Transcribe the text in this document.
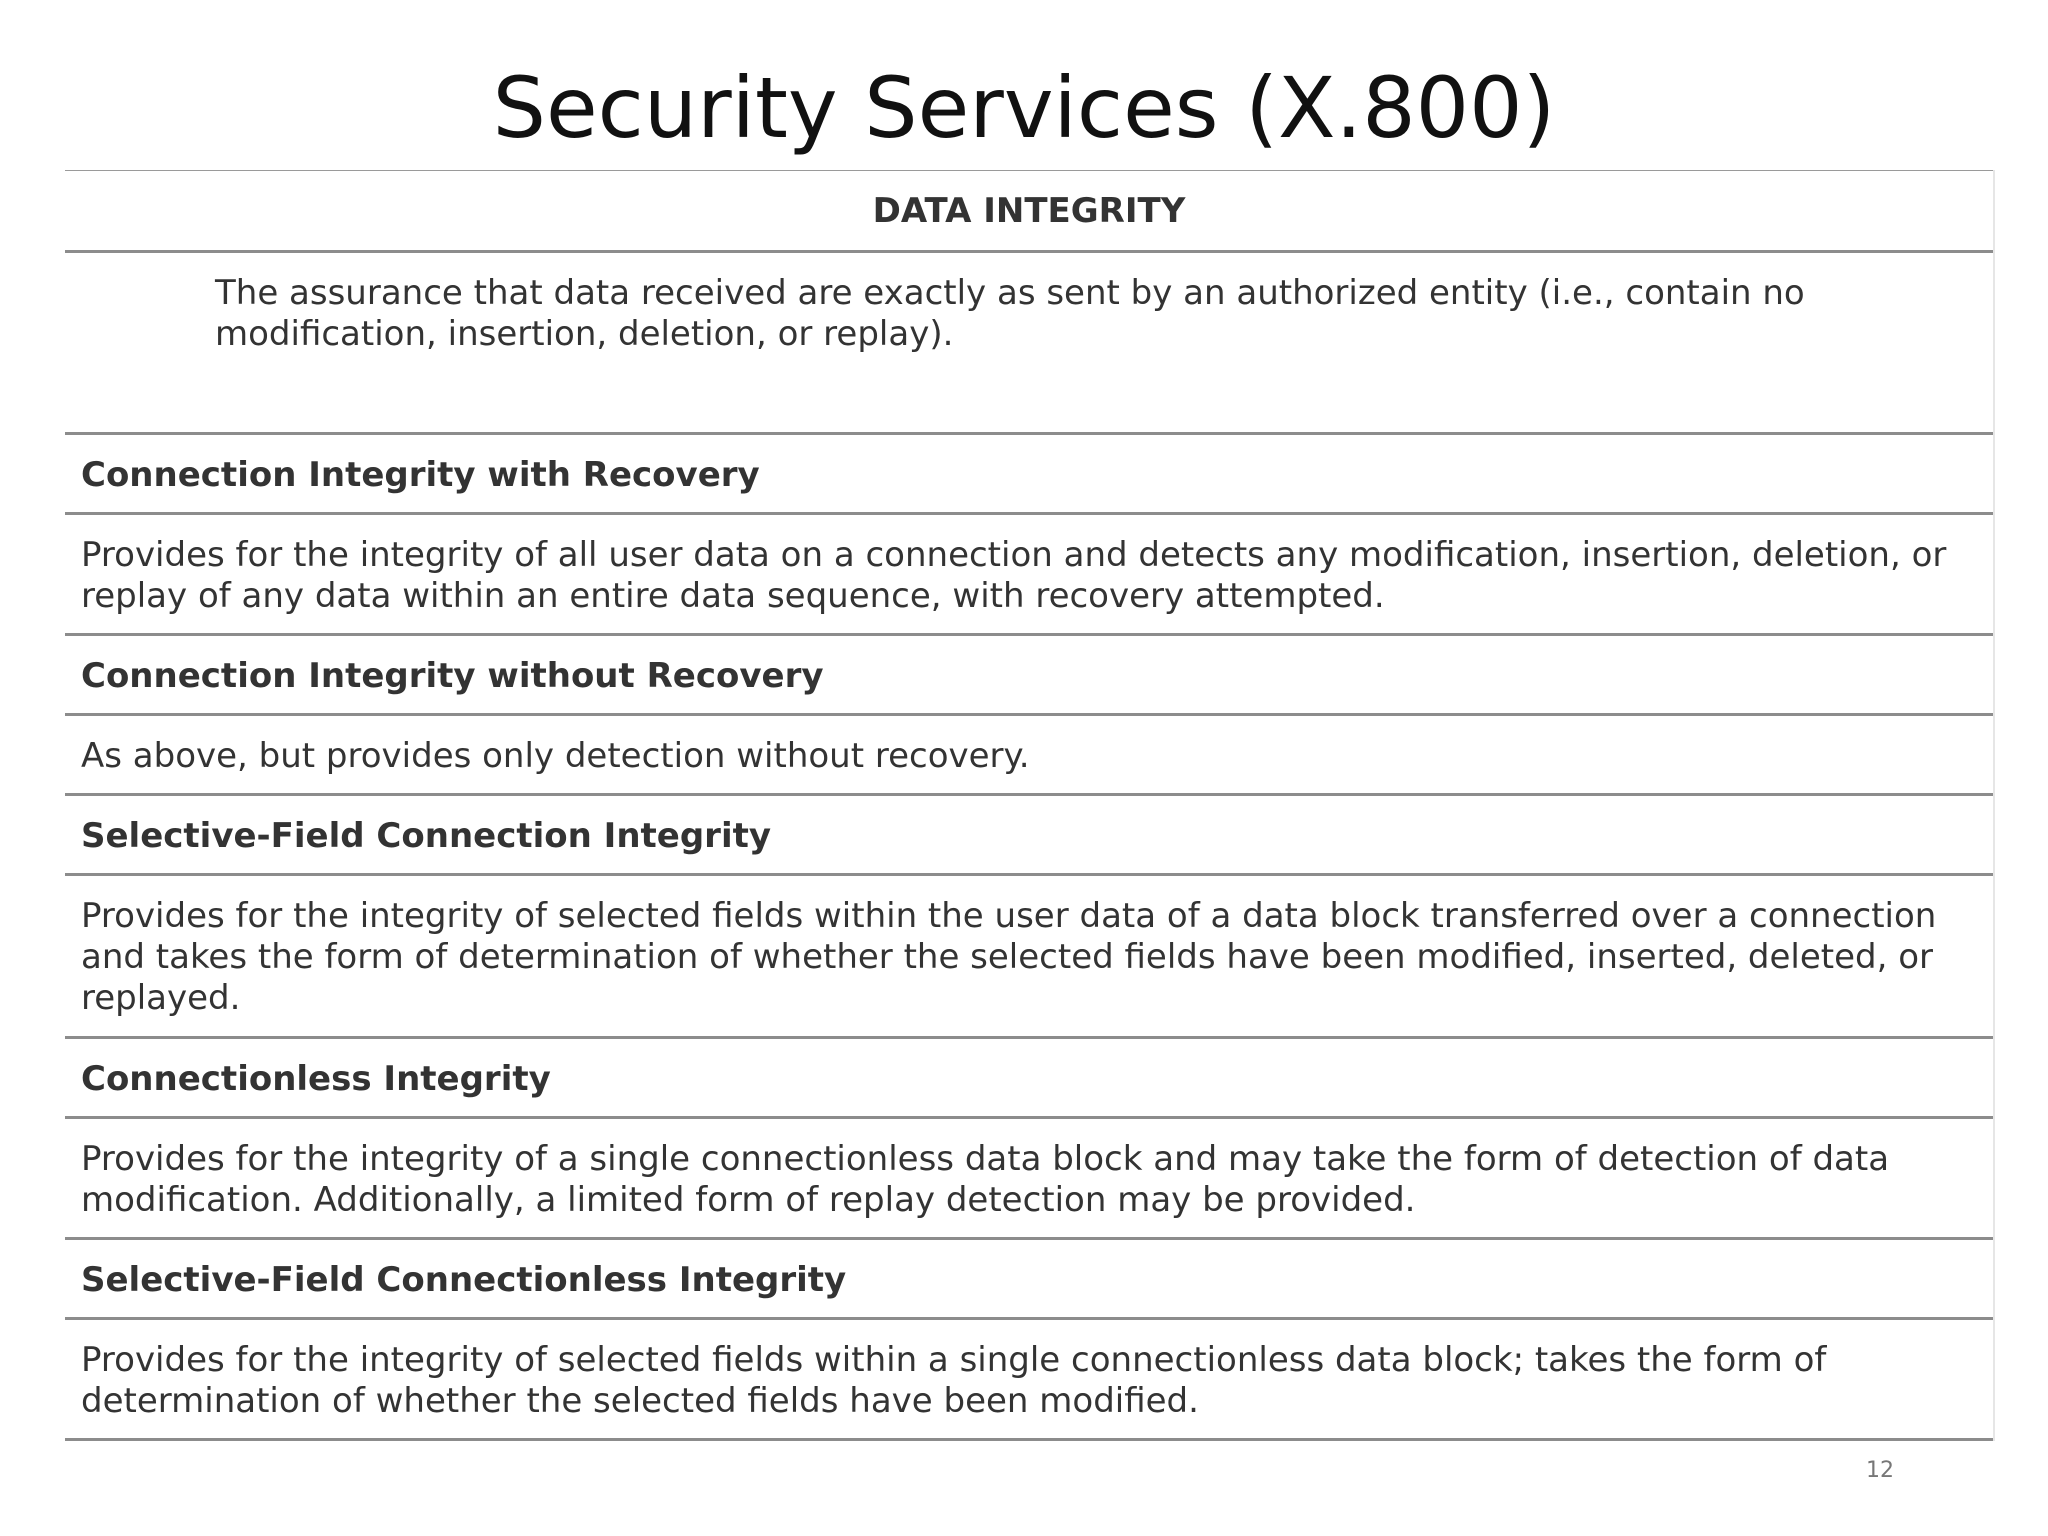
Security Services (X.800)
DATA INTEGRITY
The assurance that data received are exactly as sent by an authorized entity (i.e., contain no modification, insertion, deletion, or replay).
Connection Integrity with Recovery
Provides for the integrity of all user data on a connection and detects any modification, insertion, deletion, or replay of any data within an entire data sequence, with recovery attempted.
Connection Integrity without Recovery
As above, but provides only detection without recovery.
Selective-Field Connection Integrity
Provides for the integrity of selected fields within the user data of a data block transferred over a connection and takes the form of determination of whether the selected fields have been modified, inserted, deleted, or replayed.
Connectionless Integrity
Provides for the integrity of a single connectionless data block and may take the form of detection of data modification. Additionally, a limited form of replay detection may be provided.
Selective-Field Connectionless Integrity
Provides for the integrity of selected fields within a single connectionless data block; takes the form of determination of whether the selected fields have been modified.
12
